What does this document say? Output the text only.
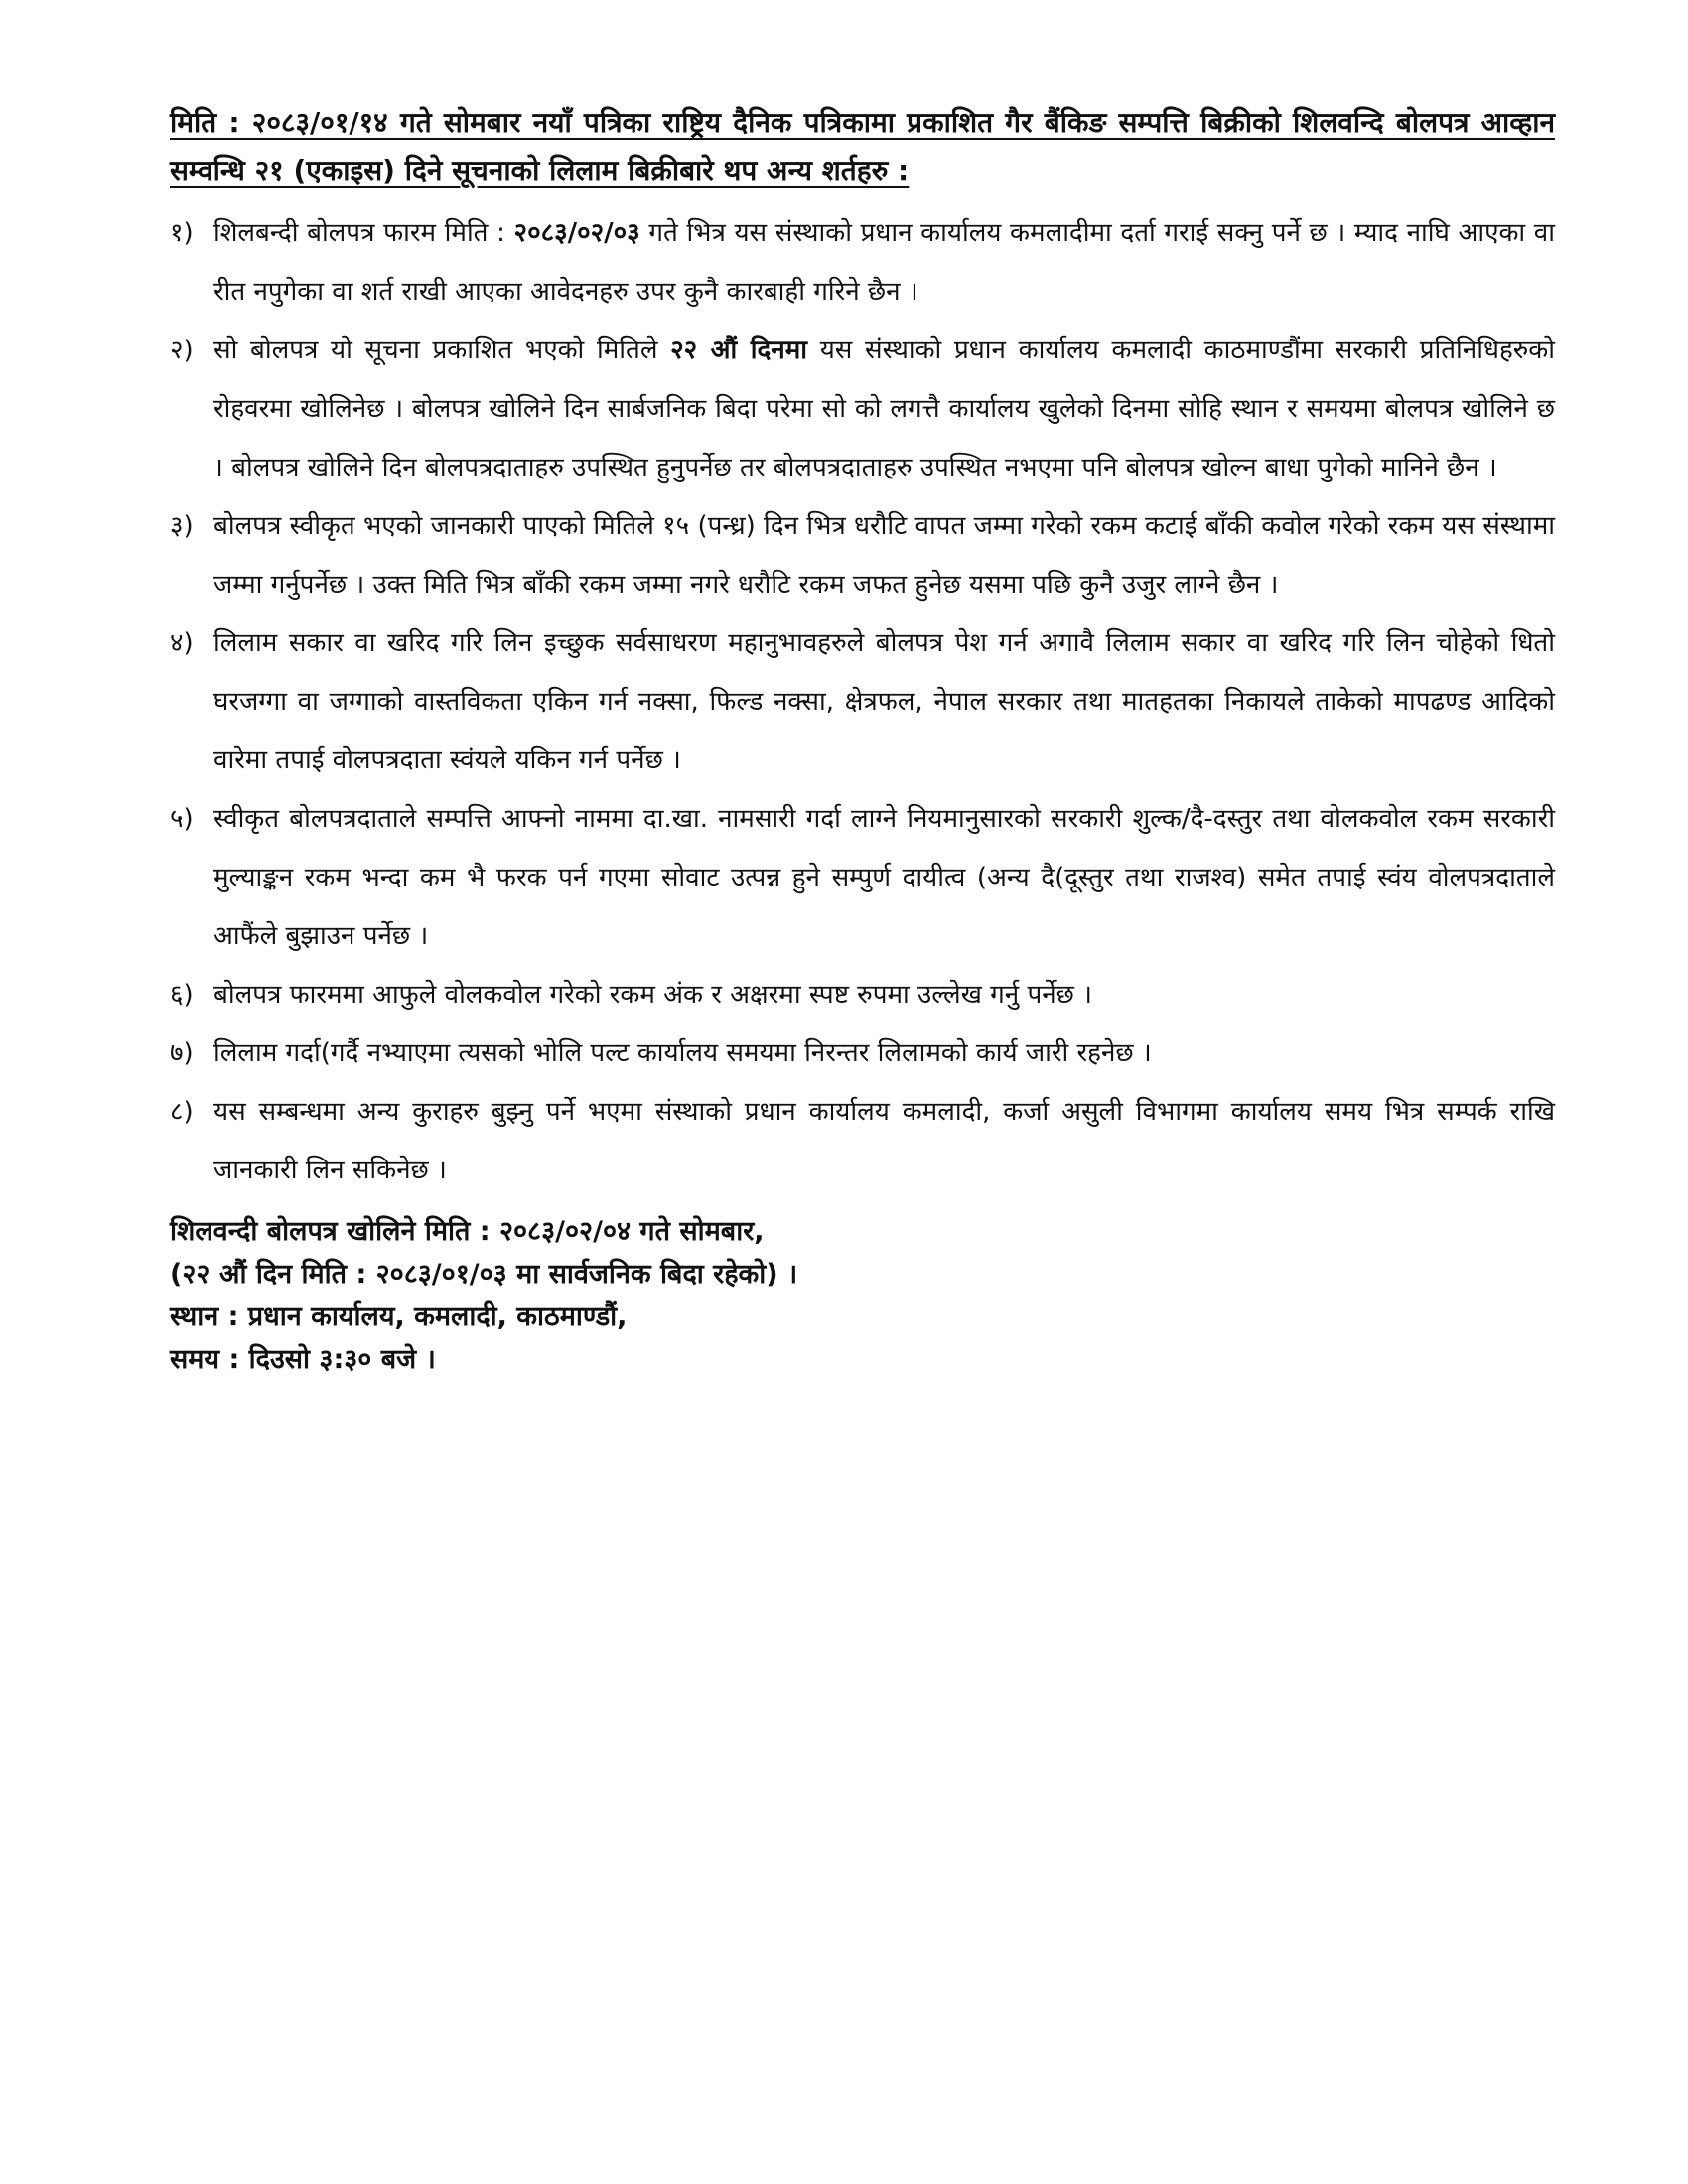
मिति : २०८३/०१/१४ गते सोमबार नयाँ पत्रिका राष्ट्रिय दैनिक पत्रिकामा प्रकाशित गैर बैंकिङ सम्पत्ति बिक्रीको शिलवन्दि बोलपत्र आव्हान सम्वन्धि २१ (एकाइस) दिने सूचनाको लिलाम बिक्रीबारे थप अन्य शर्तहरु :

१) शिलबन्दी बोलपत्र फारम मिति : २०८३/०२/०३ गते भित्र यस संस्थाको प्रधान कार्यालय कमलादीमा दर्ता गराई सक्नु पर्ने छ । म्याद नाघि आएका वा रीत नपुगेका वा शर्त राखी आएका आवेदनहरु उपर कुनै कारबाही गरिने छैन ।
२) सो बोलपत्र यो सूचना प्रकाशित भएको मितिले २२ औं दिनमा यस संस्थाको प्रधान कार्यालय कमलादी काठमाण्डौंमा सरकारी प्रतिनिधिहरुको रोहवरमा खोलिनेछ । बोलपत्र खोलिने दिन सार्बजनिक बिदा परेमा सो को लगत्तै कार्यालय खुलेको दिनमा सोहि स्थान र समयमा बोलपत्र खोलिने छ । बोलपत्र खोलिने दिन बोलपत्रदाताहरु उपस्थित हुनुपर्नेछ तर बोलपत्रदाताहरु उपस्थित नभएमा पनि बोलपत्र खोल्न बाधा पुगेको मानिने छैन ।
३) बोलपत्र स्वीकृत भएको जानकारी पाएको मितिले १५ (पन्ध्र) दिन भित्र धरौटि वापत जम्मा गरेको रकम कटाई बाँकी कवोल गरेको रकम यस संस्थामा जम्मा गर्नुपर्नेछ । उक्त मिति भित्र बाँकी रकम जम्मा नगरे धरौटि रकम जफत हुनेछ यसमा पछि कुनै उजुर लाग्ने छैन ।
४) लिलाम सकार वा खरिद गरि लिन इच्छुक सर्वसाधरण महानुभावहरुले बोलपत्र पेश गर्न अगावै लिलाम सकार वा खरिद गरि लिन चोहेको धितो घरजग्गा वा जग्गाको वास्तविकता एकिन गर्न नक्सा, फिल्ड नक्सा, क्षेत्रफल, नेपाल सरकार तथा मातहतका निकायले ताकेको मापढण्ड आदिको वारेमा तपाई वोलपत्रदाता स्वंयले यकिन गर्न पर्नेछ ।
५) स्वीकृत बोलपत्रदाताले सम्पत्ति आफ्नो नाममा दा.खा. नामसारी गर्दा लाग्ने नियमानुसारको सरकारी शुल्क/दै-दस्तुर तथा वोलकवोल रकम सरकारी मुल्याङ्कन रकम भन्दा कम भै फरक पर्न गएमा सोवाट उत्पन्न हुने सम्पुर्ण दायीत्व (अन्य दै(दूस्तुर तथा राजश्व) समेत तपाई स्वंय वोलपत्रदाताले आफैंले बुझाउन पर्नेछ ।
६) बोलपत्र फारममा आफुले वोलकवोल गरेको रकम अंक र अक्षरमा स्पष्ट रुपमा उल्लेख गर्नु पर्नेछ ।
७) लिलाम गर्दा(गर्दै नभ्याएमा त्यसको भोलि पल्ट कार्यालय समयमा निरन्तर लिलामको कार्य जारी रहनेछ ।
८) यस सम्बन्धमा अन्य कुराहरु बुझ्नु पर्ने भएमा संस्थाको प्रधान कार्यालय कमलादी, कर्जा असुली विभागमा कार्यालय समय भित्र सम्पर्क राखि जानकारी लिन सकिनेछ ।
शिलवन्दी बोलपत्र खोलिने मिति : २०८३/०२/०४ गते सोमबार,
(२२ औं दिन मिति : २०८३/०१/०३ मा सार्वजनिक बिदा रहेको) ।
स्थान : प्रधान कार्यालय, कमलादी, काठमाण्डौं,
समय : दिउसो ३:३० बजे ।
